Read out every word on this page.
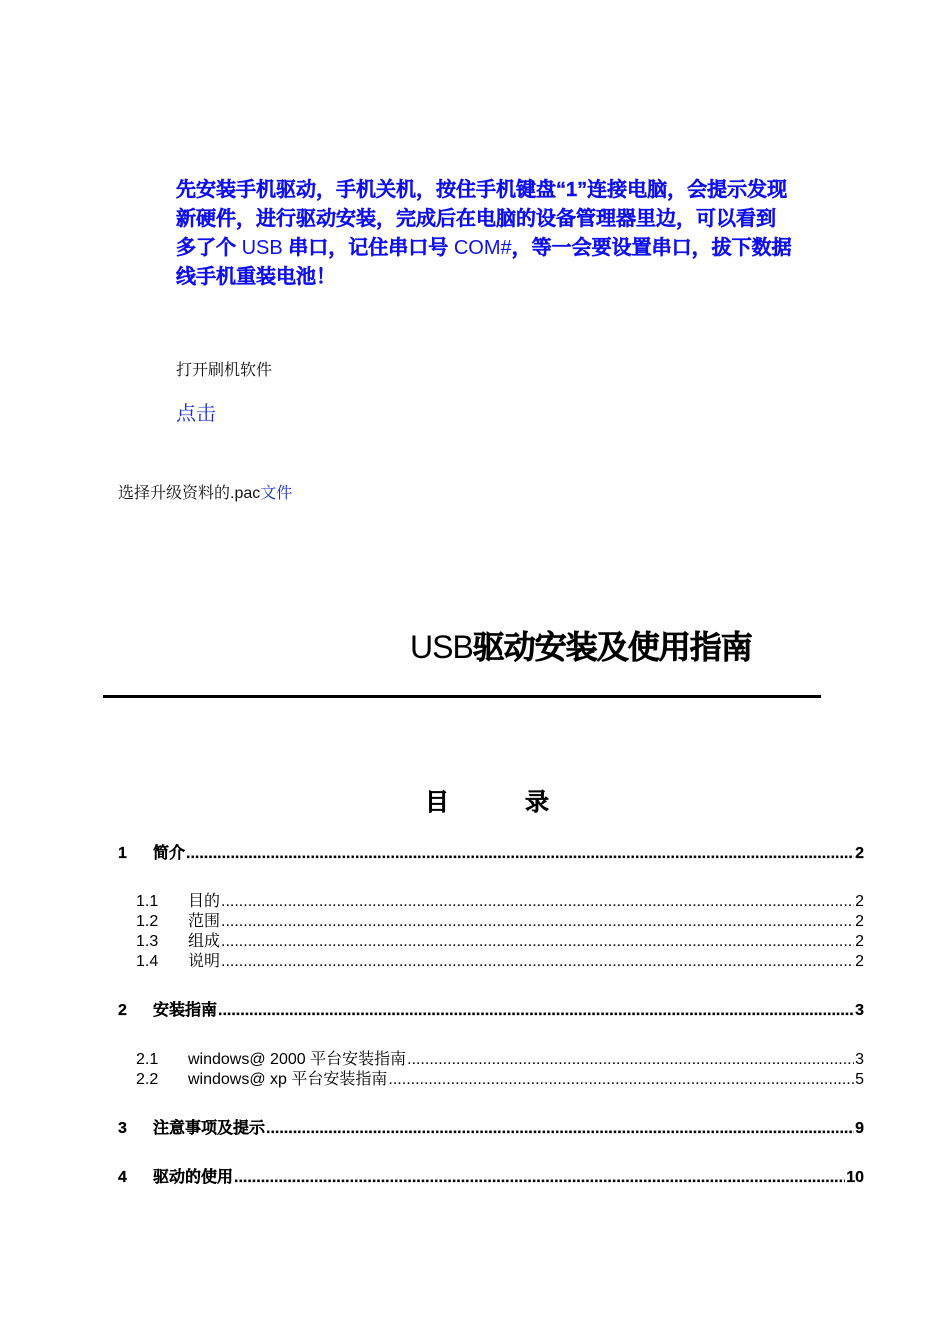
先安装手机驱动，手机关机，按住手机键盘“1”连接电脑，会提示发现
新硬件，进行驱动安装，完成后在电脑的设备管理器里边，可以看到
多了个 USB 串口，记住串口号 COM#，等一会要设置串口，拔下数据
线手机重装电池！
打开刷机软件
点击
选择升级资料的.pac文件
USB驱动安装及使用指南
目	录
1	简介 .....	2
1.1	目的 .....	2
1.2	范围 .....	2
1.3	组成 .....	2
1.4	说明 .....	2
2	安装指南 .....	3
2.1	windows@ 2000 平台安装指南 .....	3
2.2	windows@ xp 平台安装指南 .....	5
3	注意事项及提示 .....	9
4	驱动的使用 .....	10
